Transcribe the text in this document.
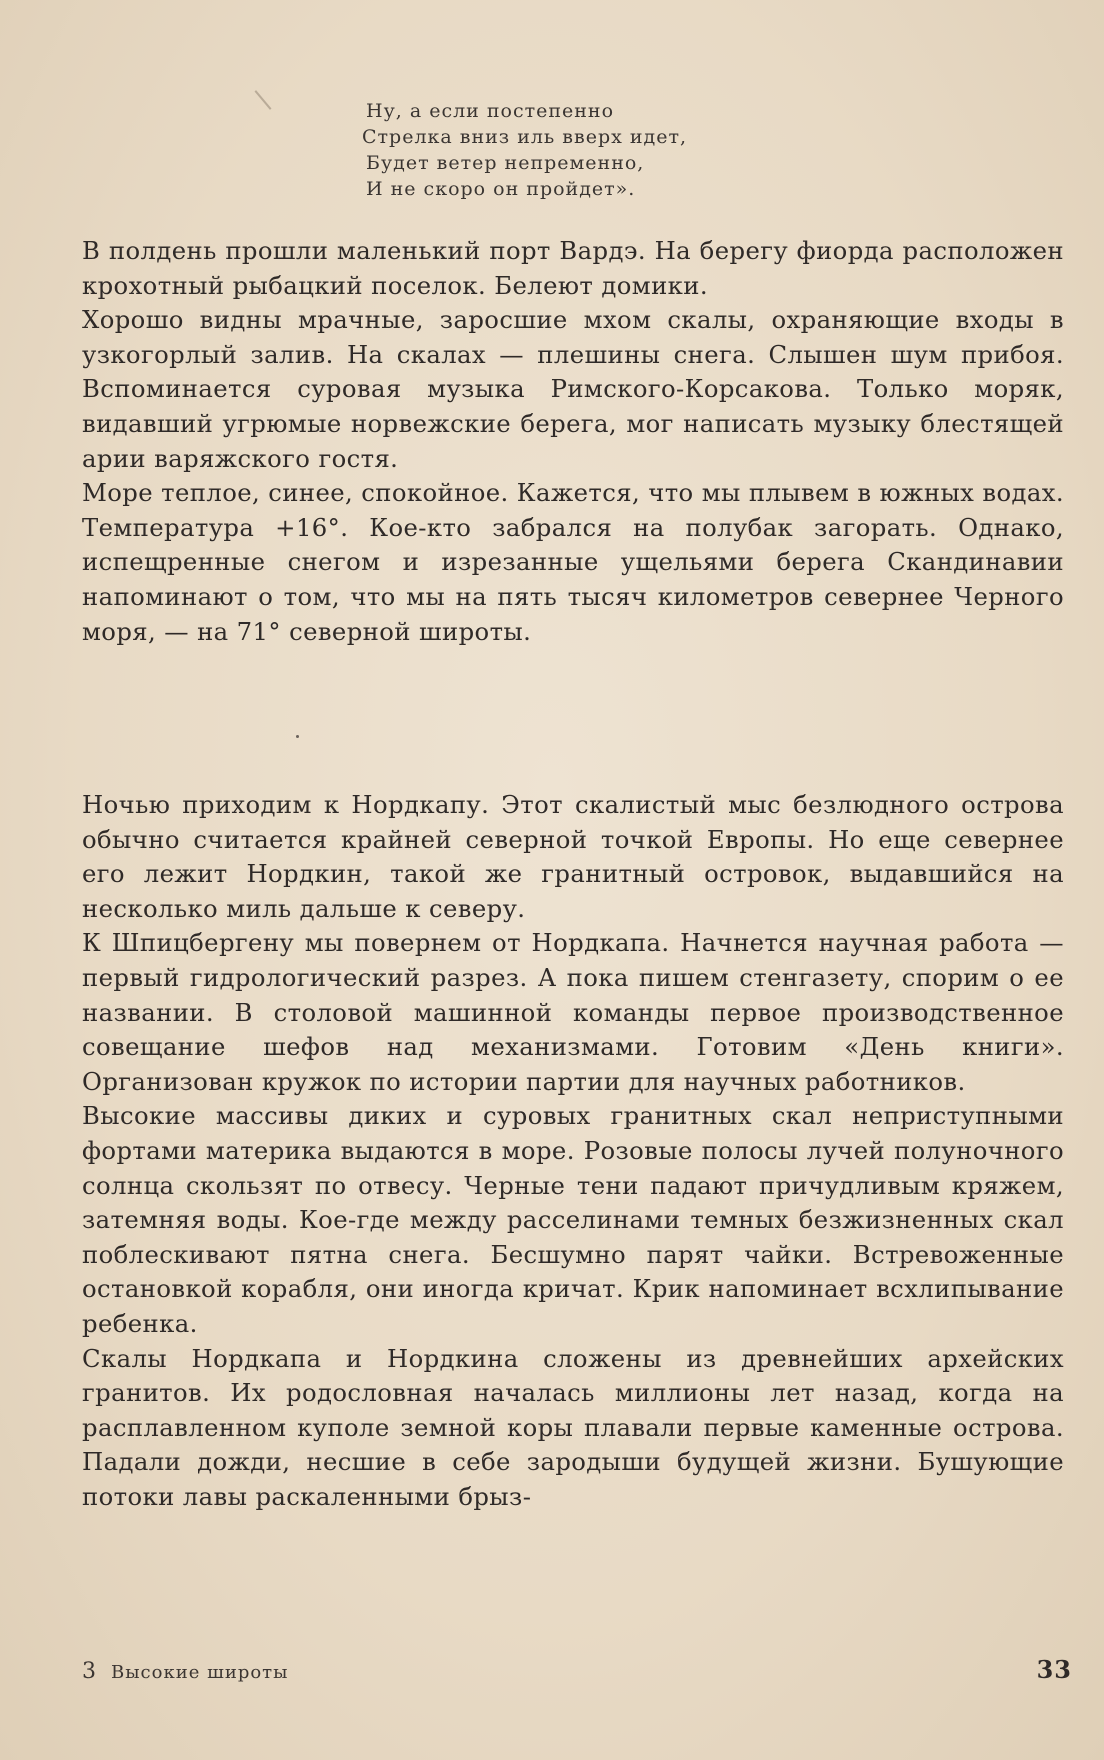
Ну, а если постепенно
Стрелка вниз иль вверх идет,
Будет ветер непременно,
И не скоро он пройдет».

В полдень прошли маленький порт Вардэ. На берегу фиорда расположен крохотный рыбацкий поселок. Белеют домики.

Хорошо видны мрачные, заросшие мхом скалы, охраняющие входы в узкогорлый залив. На скалах — плешины снега. Слышен шум прибоя. Вспоминается суровая музыка Римского-Корсакова. Только моряк, видавший угрюмые норвежские берега, мог написать музыку блестящей арии варяжского гостя.

Море теплое, синее, спокойное. Кажется, что мы плывем в южных водах. Температура +16°. Кое-кто забрался на полубак загорать. Однако, испещренные снегом и изрезанные ущельями берега Скандинавии напоминают о том, что мы на пять тысяч километров севернее Черного моря, — на 71° северной широты.

Ночью приходим к Нордкапу. Этот скалистый мыс безлюдного острова обычно считается крайней северной точкой Европы. Но еще севернее его лежит Нордкин, такой же гранитный островок, выдавшийся на несколько миль дальше к северу.

К Шпицбергену мы повернем от Нордкапа. Начнется научная работа — первый гидрологический разрез. А пока пишем стенгазету, спорим о ее названии. В столовой машинной команды первое производственное совещание шефов над механизмами. Готовим «День книги». Организован кружок по истории партии для научных работников.

Высокие массивы диких и суровых гранитных скал неприступными фортами материка выдаются в море. Розовые полосы лучей полуночного солнца скользят по отвесу. Черные тени падают причудливым кряжем, затемняя воды. Кое-где между расселинами темных безжизненных скал поблескивают пятна снега. Бесшумно парят чайки. Встревоженные остановкой корабля, они иногда кричат. Крик напоминает всхлипывание ребенка.

Скалы Нордкапа и Нордкина сложены из древнейших архейских гранитов. Их родословная началась миллионы лет назад, когда на расплавленном куполе земной коры плавали первые каменные острова. Падали дожди, несшие в себе зародыши будущей жизни. Бушующие потоки лавы раскаленными брыз-

3 Высокие широты	33
